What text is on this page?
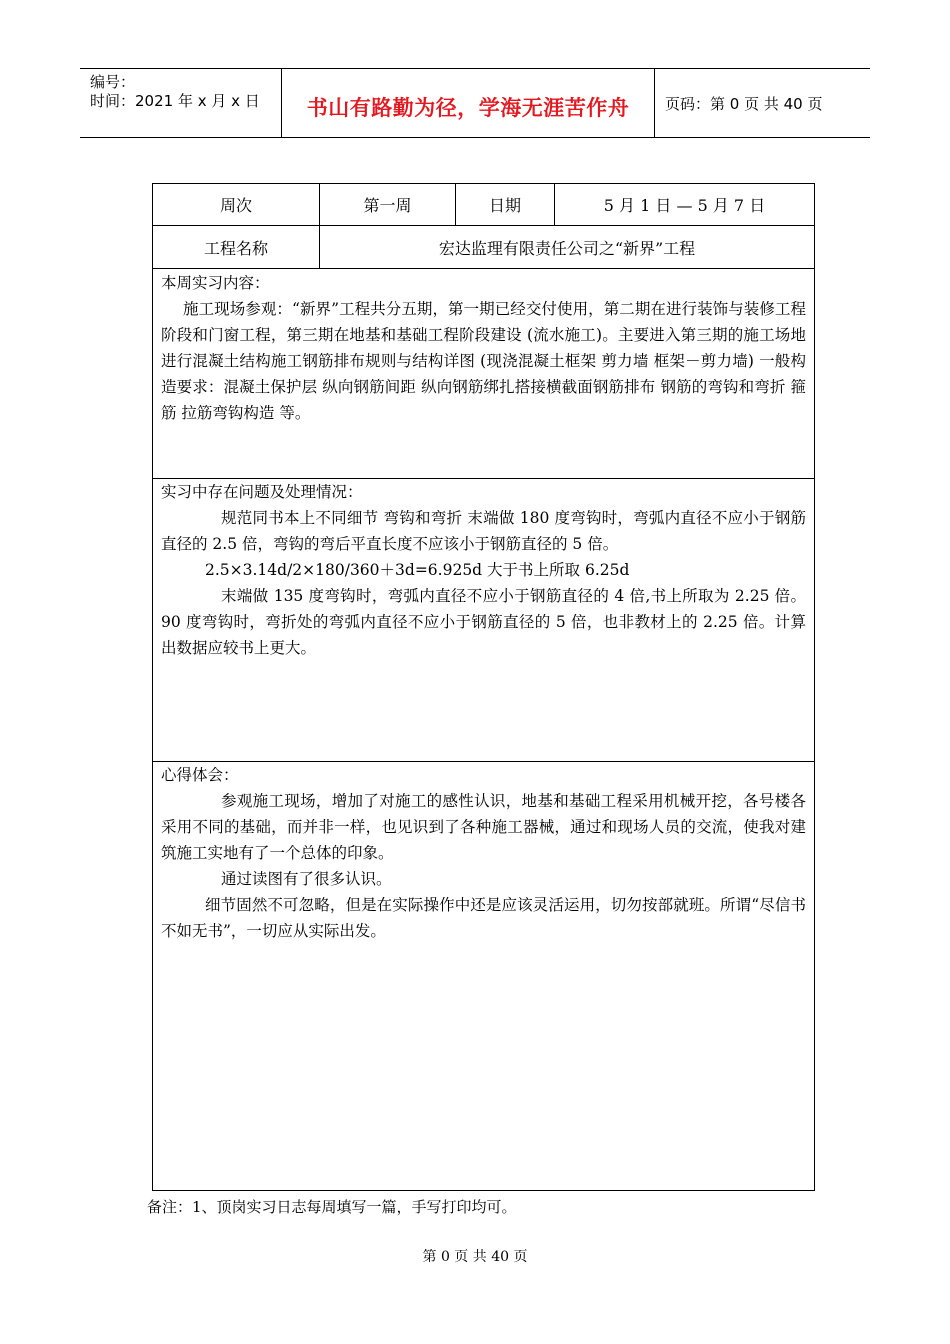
编号：
时间：2021 年 x 月 x 日	书山有路勤为径，学海无涯苦作舟	页码：第 0 页 共 40 页
周次	第一周	日期	5 月 1 日 — 5 月 7 日
工程名称	宏达监理有限责任公司之“新界”工程
本周实习内容：

施工现场参观：“新界”工程共分五期，第一期已经交付使用，第二期在进行装饰与装修工程阶段和门窗工程，第三期在地基和基础工程阶段建设 (流水施工)。主要进入第三期的施工场地进行混凝土结构施工钢筋排布规则与结构详图 (现浇混凝土框架 剪力墙 框架－剪力墙) 一般构造要求：混凝土保护层 纵向钢筋间距 纵向钢筋绑扎搭接横截面钢筋排布 钢筋的弯钩和弯折 箍筋 拉筋弯钩构造 等。

实习中存在问题及处理情况：

规范同书本上不同细节 弯钩和弯折 末端做 180 度弯钩时，弯弧内直径不应小于钢筋直径的 2.5 倍，弯钩的弯后平直长度不应该小于钢筋直径的 5 倍。

2.5×3.14d/2×180/360＋3d=6.925d 大于书上所取 6.25d

末端做 135 度弯钩时，弯弧内直径不应小于钢筋直径的 4 倍,书上所取为 2.25 倍。90 度弯钩时，弯折处的弯弧内直径不应小于钢筋直径的 5 倍，也非教材上的 2.25 倍。计算出数据应较书上更大。

心得体会：

参观施工现场，增加了对施工的感性认识，地基和基础工程采用机械开挖，各号楼各采用不同的基础，而并非一样，也见识到了各种施工器械，通过和现场人员的交流，使我对建筑施工实地有了一个总体的印象。

通过读图有了很多认识。

细节固然不可忽略，但是在实际操作中还是应该灵活运用，切勿按部就班。所谓“尽信书不如无书”，一切应从实际出发。

备注：1、顶岗实习日志每周填写一篇，手写打印均可。
第 0 页 共 40 页
